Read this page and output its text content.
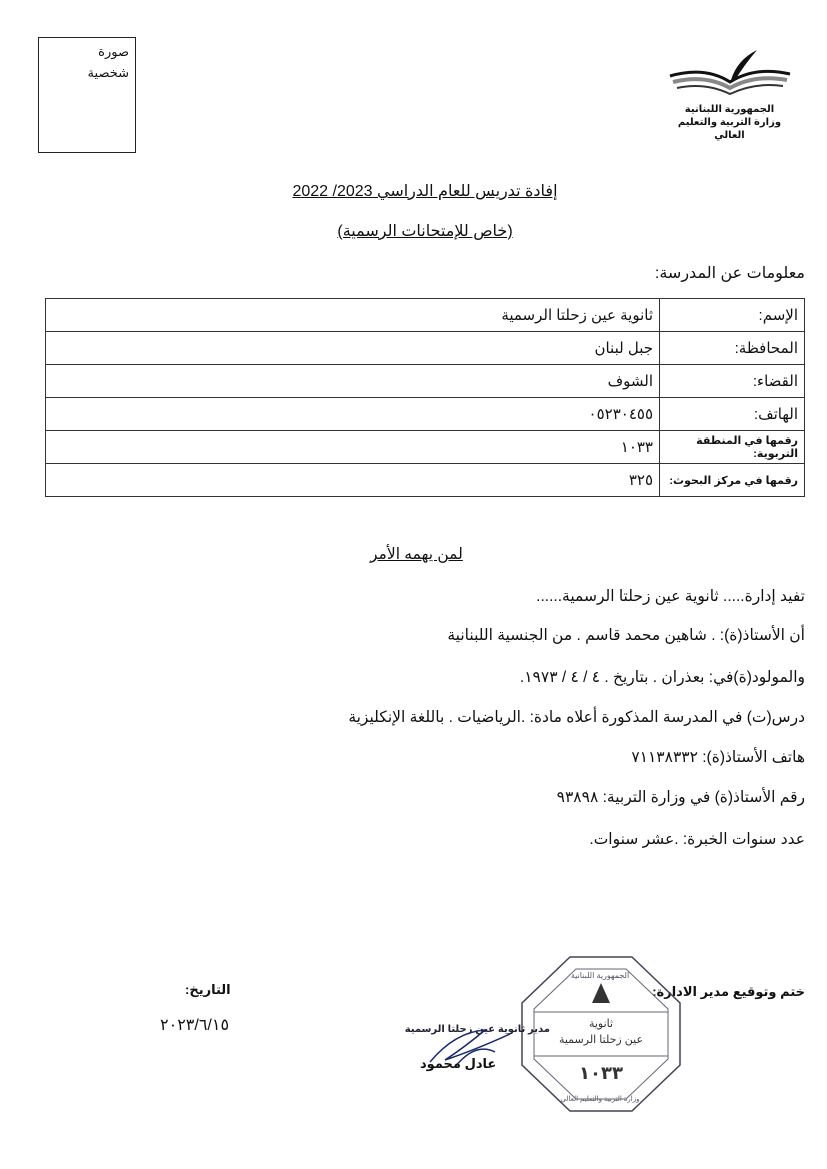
صورة
شخصية
الجمهورية اللبنانية
وزارة التربية والتعليم العالي
إفادة تدريس للعام الدراسي 2023/ 2022
(خاص للإمتحانات الرسمية)
معلومات عن المدرسة:
الإسم:	ثانوية عين زحلتا الرسمية
المحافظة:	جبل لبنان
القضاء:	الشوف
الهاتف:	٠٥٢٣٠٤٥٥
رقمها في المنطقة التربوية:	١٠٣٣
رقمها في مركز البحوث:	٣٢٥
لمن يهمه الأمر
تفيد إدارة..... ثانوية عين زحلتا الرسمية......
أن الأستاذ(ة): . شاهين محمد قاسم . من الجنسية اللبنانية
والمولود(ة)في: بعذران . بتاريخ . ٤ / ٤ / ١٩٧٣.
درس(ت) في المدرسة المذكورة أعلاه مادة: .الرياضيات . باللغة الإنكليزية
هاتف الأستاذ(ة): ٧١١٣٨٣٣٢
رقم الأستاذ(ة) في وزارة التربية: ٩٣٨٩٨
عدد سنوات الخبرة: .عشر سنوات.
ختم وتوقيع مدير الادارة:
التاريخ:
٢٠٢٣/٦/١٥	ثانوية
عين زحلتا الرسمية
١٠٣٣
الجمهورية اللبنانية
وزارة التربية والتعليم العالي
مدير ثانوية عين زحلتا الرسمية
عادل محمود
